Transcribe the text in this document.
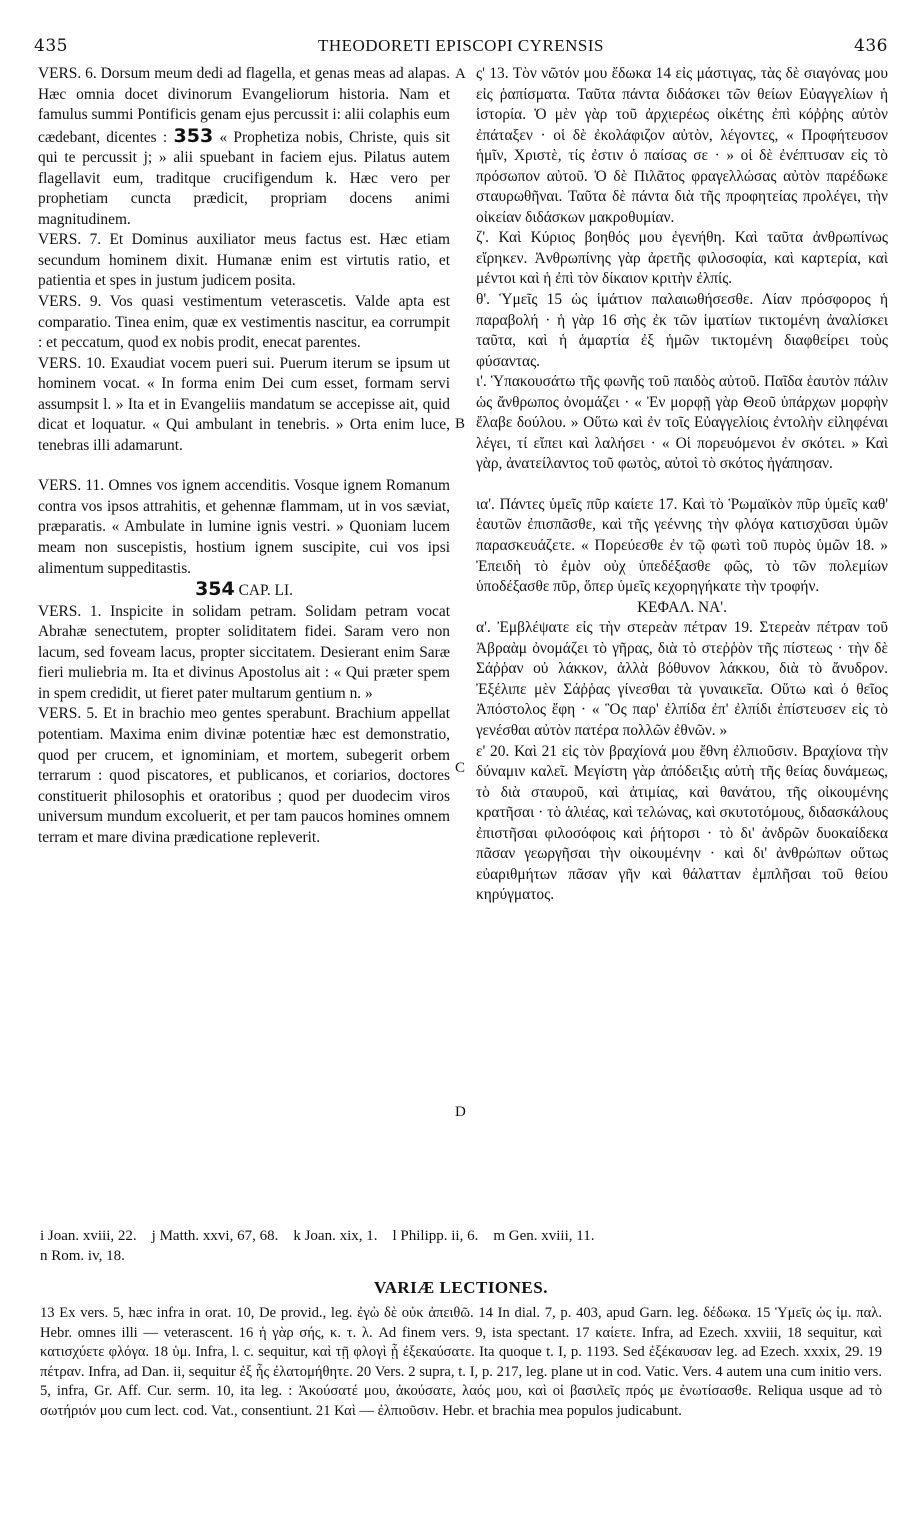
435	THEODORETI EPISCOPI CYRENSIS	436

VERS. 6. Dorsum meum dedi ad flagella, et genas meas ad alapas. Hæc omnia docet divinorum Evangeliorum historia. Nam et famulus summi Pontificis genam ejus percussit i: alii colaphis eum cædebant, dicentes : 353 « Prophetiza nobis, Christe, quis sit qui te percussit j; » alii spuebant in faciem ejus. Pilatus autem flagellavit eum, traditque crucifigendum k. Hæc vero per prophetiam cuncta prædicit, propriam docens animi magnitudinem.

VERS. 7. Et Dominus auxiliator meus factus est. Hæc etiam secundum hominem dixit. Humanæ enim est virtutis ratio, et patientia et spes in justum judicem posita.

VERS. 9. Vos quasi vestimentum veterascetis. Valde apta est comparatio. Tinea enim, quæ ex vestimentis nascitur, ea corrumpit : et peccatum, quod ex nobis prodit, enecat parentes.

VERS. 10. Exaudiat vocem pueri sui. Puerum iterum se ipsum ut hominem vocat. « In forma enim Dei cum esset, formam servi assumpsit l. » Ita et in Evangeliis mandatum se accepisse ait, quid dicat et loquatur. « Qui ambulant in tenebris. » Orta enim luce, tenebras illi adamarunt.

VERS. 11. Omnes vos ignem accenditis. Vosque ignem Romanum contra vos ipsos attrahitis, et gehennæ flammam, ut in vos sæviat, præparatis. « Ambulate in lumine ignis vestri. » Quoniam lucem meam non suscepistis, hostium ignem suscipite, cui vos ipsi alimentum suppeditastis.

354 CAP. LI.

VERS. 1. Inspicite in solidam petram. Solidam petram vocat Abrahæ senectutem, propter soliditatem fidei. Saram vero non lacum, sed foveam lacus, propter siccitatem. Desierant enim Saræ fieri muliebria m. Ita et divinus Apostolus ait : « Qui præter spem in spem credidit, ut fieret pater multarum gentium n. »

VERS. 5. Et in brachio meo gentes sperabunt. Brachium appellat potentiam. Maxima enim divinæ potentiæ hæc est demonstratio, quod per crucem, et ignominiam, et mortem, subegerit orbem terrarum : quod piscatores, et publicanos, et coriarios, doctores constituerit philosophis et oratoribus ; quod per duodecim viros universum mundum excoluerit, et per tam paucos homines omnem terram et mare divina prædicatione repleverit.

A
B
C
D

ς' 13. Τὸν νῶτόν μου ἔδωκα 14 εἰς μάστιγας, τὰς δὲ σιαγόνας μου εἰς ῥαπίσματα. Ταῦτα πάντα διδάσκει τῶν θείων Εὐαγγελίων ἡ ἱστορία. Ὁ μὲν γὰρ τοῦ ἀρχιερέως οἰκέτης ἐπὶ κόῤῥης αὐτὸν ἐπάταξεν · οἱ δὲ ἐκολάφιζον αὐτὸν, λέγοντες, « Προφήτευσον ἡμῖν, Χριστὲ, τίς ἐστιν ὁ παίσας σε · » οἱ δὲ ἐνέπτυσαν εἰς τὸ πρόσωπον αὐτοῦ. Ὁ δὲ Πιλᾶτος φραγελλώσας αὐτὸν παρέδωκε σταυρωθῆναι. Ταῦτα δὲ πάντα διὰ τῆς προφητείας προλέγει, τὴν οἰκείαν διδάσκων μακροθυμίαν.

ζ'. Καὶ Κύριος βοηθός μου ἐγενήθη. Καὶ ταῦτα ἀνθρωπίνως εἴρηκεν. Ἀνθρωπίνης γὰρ ἀρετῆς φιλοσοφία, καὶ καρτερία, καὶ μέντοι καὶ ἡ ἐπὶ τὸν δίκαιον κριτὴν ἐλπίς.

θ'. Ὑμεῖς 15 ὡς ἱμάτιον παλαιωθήσεσθε. Λίαν πρόσφορος ἡ παραβολή · ἡ γὰρ 16 σὴς ἐκ τῶν ἱματίων τικτομένη ἀναλίσκει ταῦτα, καὶ ἡ ἁμαρτία ἐξ ἡμῶν τικτομένη διαφθείρει τοὺς φύσαντας.

ι'. Ὑπακουσάτω τῆς φωνῆς τοῦ παιδὸς αὐτοῦ. Παῖδα ἑαυτὸν πάλιν ὡς ἄνθρωπος ὀνομάζει · « Ἐν μορφῇ γὰρ Θεοῦ ὑπάρχων μορφὴν ἔλαβε δούλου. » Οὕτω καὶ ἐν τοῖς Εὐαγγελίοις ἐντολὴν εἰληφέναι λέγει, τί εἴπει καὶ λαλήσει · « Οἱ πορευόμενοι ἐν σκότει. » Καὶ γὰρ, ἀνατείλαντος τοῦ φωτὸς, αὐτοὶ τὸ σκότος ἠγάπησαν.

ια'. Πάντες ὑμεῖς πῦρ καίετε 17. Καὶ τὸ Ῥωμαϊκὸν πῦρ ὑμεῖς καθ' ἑαυτῶν ἐπισπᾶσθε, καὶ τῆς γεέννης τὴν φλόγα κατισχῦσαι ὑμῶν παρασκευάζετε. « Πορεύεσθε ἐν τῷ φωτὶ τοῦ πυρὸς ὑμῶν 18. » Ἐπειδὴ τὸ ἐμὸν οὐχ ὑπεδέξασθε φῶς, τὸ τῶν πολεμίων ὑποδέξασθε πῦρ, ὅπερ ὑμεῖς κεχορηγήκατε τὴν τροφήν.

ΚΕΦΑΛ. ΝΑ'.

α'. Ἐμβλέψατε εἰς τὴν στερεὰν πέτραν 19. Στερεὰν πέτραν τοῦ Ἀβραὰμ ὀνομάζει τὸ γῆρας, διὰ τὸ στεῤῥὸν τῆς πίστεως · τὴν δὲ Σάῤῥαν οὐ λάκκον, ἀλλὰ βόθυνον λάκκου, διὰ τὸ ἄνυδρον. Ἐξέλιπε μὲν Σάῤῥας γίνεσθαι τὰ γυναικεῖα. Οὕτω καὶ ὁ θεῖος Ἀπόστολος ἔφη · « Ὃς παρ' ἐλπίδα ἐπ' ἐλπίδι ἐπίστευσεν εἰς τὸ γενέσθαι αὐτὸν πατέρα πολλῶν ἐθνῶν. »

ε' 20. Καὶ 21 εἰς τὸν βραχίονά μου ἔθνη ἐλπιοῦσιν. Βραχίονα τὴν δύναμιν καλεῖ. Μεγίστη γὰρ ἀπόδειξις αὐτὴ τῆς θείας δυνάμεως, τὸ διὰ σταυροῦ, καὶ ἀτιμίας, καὶ θανάτου, τῆς οἰκουμένης κρατῆσαι · τὸ ἁλιέας, καὶ τελώνας, καὶ σκυτοτόμους, διδασκάλους ἐπιστῆσαι φιλοσόφοις καὶ ῥήτορσι · τὸ δι' ἀνδρῶν δυοκαίδεκα πᾶσαν γεωργῆσαι τὴν οἰκουμένην · καὶ δι' ἀνθρώπων οὕτως εὐαριθμήτων πᾶσαν γῆν καὶ θάλατταν ἐμπλῆσαι τοῦ θείου κηρύγματος.

i Joan. xviii, 22.    j Matth. xxvi, 67, 68.    k Joan. xix, 1.    l Philipp. ii, 6.    m Gen. xviii, 11.

n Rom. iv, 18.

VARIÆ LECTIONES.

13 Ex vers. 5, hæc infra in orat. 10, De provid., leg. ἐγὼ δὲ οὐκ ἀπειθῶ. 14 In dial. 7, p. 403, apud Garn. leg. δέδωκα. 15 Ὑμεῖς ὡς ἱμ. παλ. Hebr. omnes illi — veterascent. 16 ἡ γὰρ σής, κ. τ. λ. Ad finem vers. 9, ista spectant. 17 καίετε. Infra, ad Ezech. xxviii, 18 sequitur, καὶ κατισχύετε φλόγα. 18 ὑμ. Infra, l. c. sequitur, καὶ τῇ φλογὶ ᾗ ἐξεκαύσατε. Ita quoque t. I, p. 1193. Sed ἐξέκαυσαν leg. ad Ezech. xxxix, 29. 19 πέτραν. Infra, ad Dan. ii, sequitur ἐξ ἧς ἐλατομήθητε. 20 Vers. 2 supra, t. I, p. 217, leg. plane ut in cod. Vatic. Vers. 4 autem una cum initio vers. 5, infra, Gr. Aff. Cur. serm. 10, ita leg. : Ἀκούσατέ μου, ἀκούσατε, λαός μου, καὶ οἱ βασιλεῖς πρός με ἐνωτίσασθε. Reliqua usque ad τὸ σωτήριόν μου cum lect. cod. Vat., consentiunt. 21 Καὶ — ἐλπιοῦσιν. Hebr. et brachia mea populos judicabunt.
